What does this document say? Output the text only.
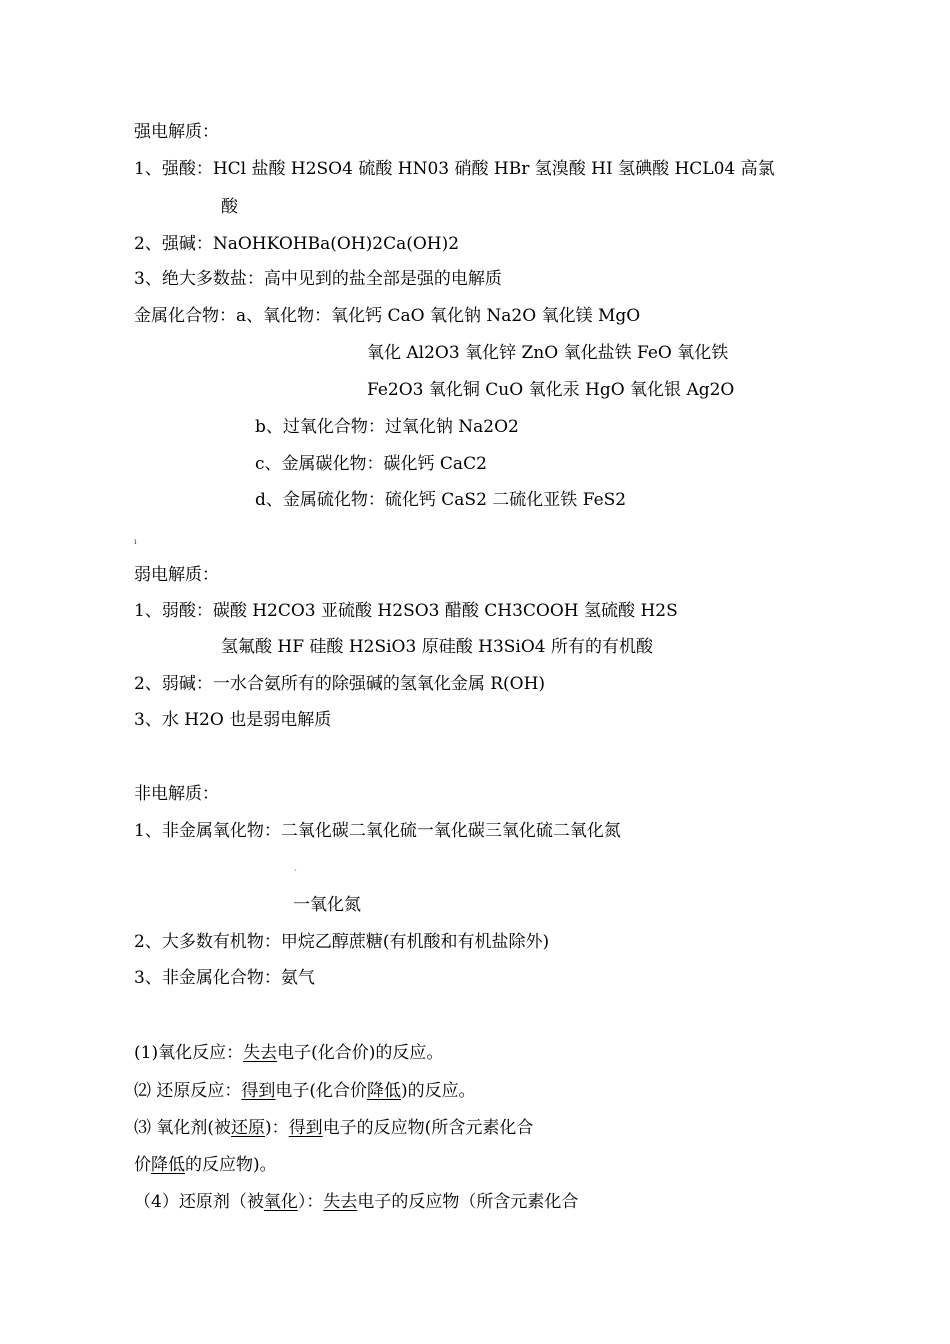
强电解质：

1、强酸：HCl 盐酸 H2SO4 硫酸 HN03 硝酸 HBr 氢溴酸 HI 氢碘酸 HCL04 高氯

酸

2、强碱：NaOHKOHBa(OH)2Ca(OH)2

3、绝大多数盐：高中见到的盐全部是强的电解质

金属化合物：a、氧化物：氧化钙 CaO 氧化钠 Na2O 氧化镁 MgO

氧化 Al2O3 氧化锌 ZnO 氧化盐铁 FeO 氧化铁

Fe2O3 氧化铜 CuO 氧化汞 HgO 氧化银 Ag2O

b、过氧化合物：过氧化钠 Na2O2

c、金属碳化物：碳化钙 CaC2

d、金属硫化物：硫化钙 CaS2 二硫化亚铁 FeS2

ı

弱电解质：

1、弱酸：碳酸 H2CO3 亚硫酸 H2SO3 醋酸 CH3COOH 氢硫酸 H2S

氢氟酸 HF 硅酸 H2SiO3 原硅酸 H3SiO4 所有的有机酸

2、弱碱：一水合氨所有的除强碱的氢氧化金属 R(OH)

3、水 H2O 也是弱电解质

非电解质：

1、非金属氧化物：二氧化碳二氧化硫一氧化碳三氧化硫二氧化氮

ˊ

一氧化氮

2、大多数有机物：甲烷乙醇蔗糖(有机酸和有机盐除外)

3、非金属化合物：氨气

(1)氧化反应：失去电子(化合价)的反应。

⑵ 还原反应：得到电子(化合价降低)的反应。

⑶ 氧化剂(被还原)：得到电子的反应物(所含元素化合

价降低的反应物)。

（4）还原剂（被氧化）：失去电子的反应物（所含元素化合
